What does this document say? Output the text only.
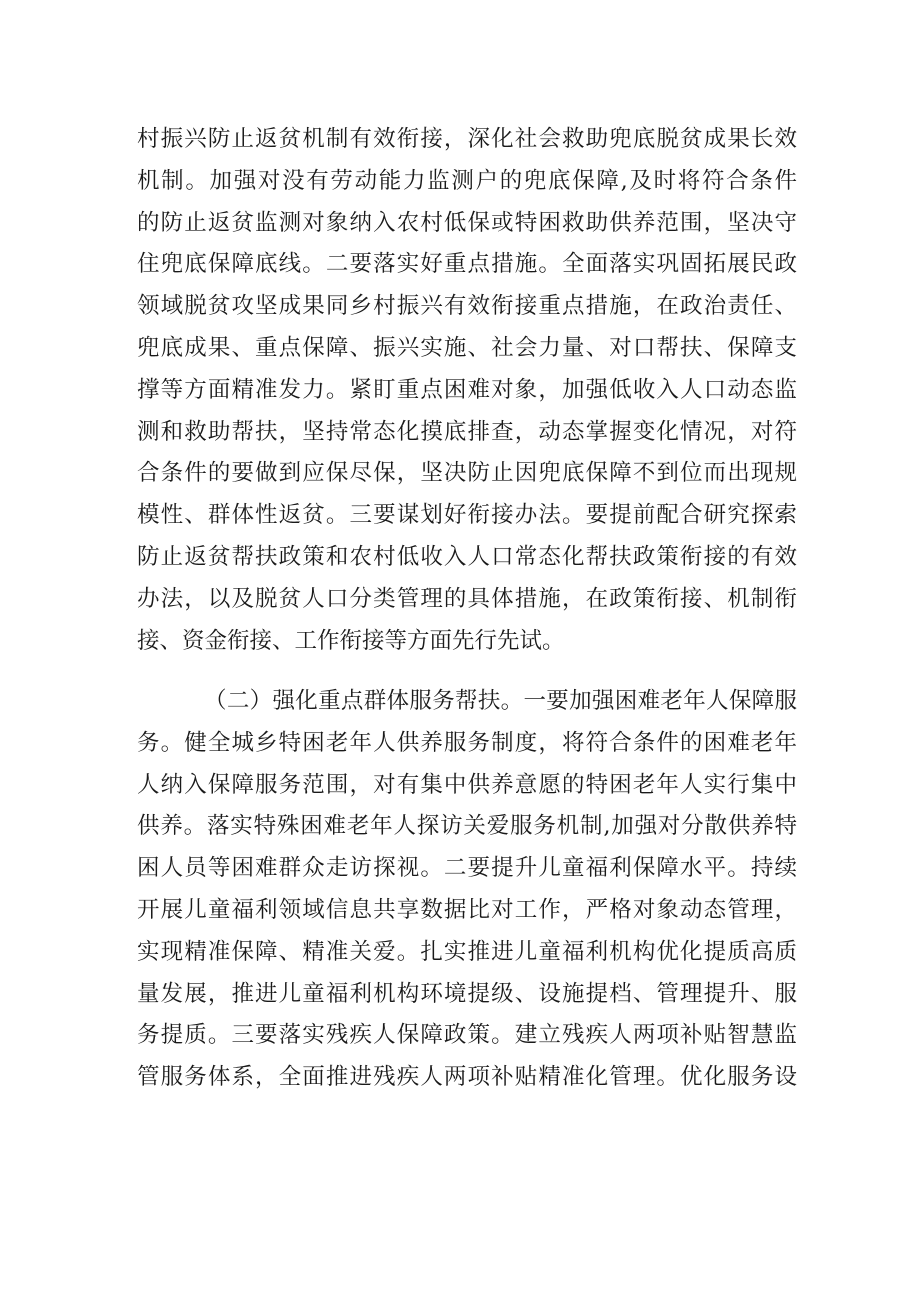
村振兴防止返贫机制有效衔接，深化社会救助兜底脱贫成果长效
机制。加强对没有劳动能力监测户的兜底保障,及时将符合条件
的防止返贫监测对象纳入农村低保或特困救助供养范围，坚决守
住兜底保障底线。二要落实好重点措施。全面落实巩固拓展民政
领域脱贫攻坚成果同乡村振兴有效衔接重点措施，在政治责任、
兜底成果、重点保障、振兴实施、社会力量、对口帮扶、保障支
撑等方面精准发力。紧盯重点困难对象，加强低收入人口动态监
测和救助帮扶，坚持常态化摸底排查，动态掌握变化情况，对符
合条件的要做到应保尽保，坚决防止因兜底保障不到位而出现规
模性、群体性返贫。三要谋划好衔接办法。要提前配合研究探索
防止返贫帮扶政策和农村低收入人口常态化帮扶政策衔接的有效
办法，以及脱贫人口分类管理的具体措施，在政策衔接、机制衔
接、资金衔接、工作衔接等方面先行先试。
（二）强化重点群体服务帮扶。一要加强困难老年人保障服
务。健全城乡特困老年人供养服务制度，将符合条件的困难老年
人纳入保障服务范围，对有集中供养意愿的特困老年人实行集中
供养。落实特殊困难老年人探访关爱服务机制,加强对分散供养特
困人员等困难群众走访探视。二要提升儿童福利保障水平。持续
开展儿童福利领域信息共享数据比对工作，严格对象动态管理，
实现精准保障、精准关爱。扎实推进儿童福利机构优化提质高质
量发展，推进儿童福利机构环境提级、设施提档、管理提升、服
务提质。三要落实残疾人保障政策。建立残疾人两项补贴智慧监
管服务体系，全面推进残疾人两项补贴精准化管理。优化服务设
